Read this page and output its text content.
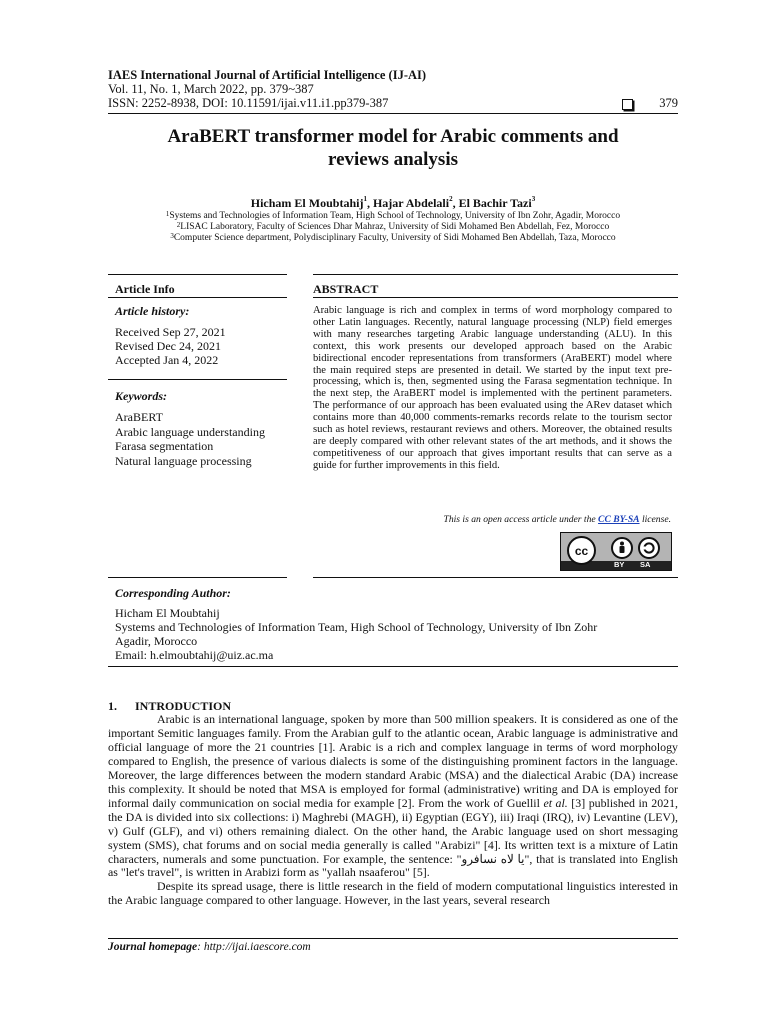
IAES International Journal of Artificial Intelligence (IJ-AI)
Vol. 11, No. 1, March 2022, pp. 379~387
ISSN: 2252-8938, DOI: 10.11591/ijai.v11.i1.pp379-387	379
AraBERT transformer model for Arabic comments and
reviews analysis
Hicham El Moubtahij$^1$, Hajar Abdelali$^2$, El Bachir Tazi$^3$
$^1$Systems and Technologies of Information Team, High School of Technology, University of Ibn Zohr, Agadir, Morocco
$^2$LISAC Laboratory, Faculty of Sciences Dhar Mahraz, University of Sidi Mohamed Ben Abdellah, Fez, Morocco
$^3$Computer Science department, Polydisciplinary Faculty, University of Sidi Mohamed Ben Abdellah, Taza, Morocco
Article Info	ABSTRACT
Article history:
Received Sep 27, 2021
Revised Dec 24, 2021
Accepted Jan 4, 2022
Keywords:
AraBERT
Arabic language understanding
Farasa segmentation
Natural language processing
Arabic language is rich and complex in terms of word morphology compared to other Latin languages. Recently, natural language processing (NLP) field emerges with many researches targeting Arabic language understanding (ALU). In this context, this work presents our developed approach based on the Arabic bidirectional encoder representations from transformers (AraBERT) model where the main required steps are presented in detail. We started by the input text pre-processing, which is, then, segmented using the Farasa segmentation technique. In the next step, the AraBERT model is implemented with the pertinent parameters. The performance of our approach has been evaluated using the ARev dataset which contains more than 40,000 comments-remarks records relate to the tourism sector such as hotel reviews, restaurant reviews and others. Moreover, the obtained results are deeply compared with other relevant states of the art methods, and it shows the competitiveness of our approach that gives important results that can serve as a guide for further improvements in this field.
This is an open access article under the CC BY-SA license.
cc
BY SA
Corresponding Author:
Hicham El Moubtahij
Systems and Technologies of Information Team, High School of Technology, University of Ibn Zohr
Agadir, Morocco
Email: h.elmoubtahij@uiz.ac.ma
1.      INTRODUCTION

Arabic is an international language, spoken by more than 500 million speakers. It is considered as one of the important Semitic languages family. From the Arabian gulf to the atlantic ocean, Arabic language is administrative and official language of more the 21 countries [1]. Arabic is a rich and complex language in terms of word morphology compared to English, the presence of various dialects is some of the distinguishing prominent factors in the language. Moreover, the large differences between the modern standard Arabic (MSA) and the dialectical Arabic (DA) increase this complexity. It should be noted that MSA is employed for formal (administrative) writing and DA is employed for informal daily communication on social media for example [2]. From the work of Guellil et al. [3] published in 2021, the DA is divided into six collections: i) Maghrebi (MAGH), ii) Egyptian (EGY), iii) Iraqi (IRQ), iv) Levantine (LEV), v) Gulf (GLF), and vi) others remaining dialect. On the other hand, the Arabic language used on short messaging system (SMS), chat forums and on social media generally is called "Arabizi" [4]. Its written text is a mixture of Latin characters, numerals and some punctuation. For example, the sentence: "يا لاه نسافرو", that is translated into English as "let's travel", is written in Arabizi form as "yallah nsaaferou" [5].

Despite its spread usage, there is little research in the field of modern computational linguistics interested in the Arabic language compared to other language. However, in the last years, several research

Journal homepage: http://ijai.iaescore.com
